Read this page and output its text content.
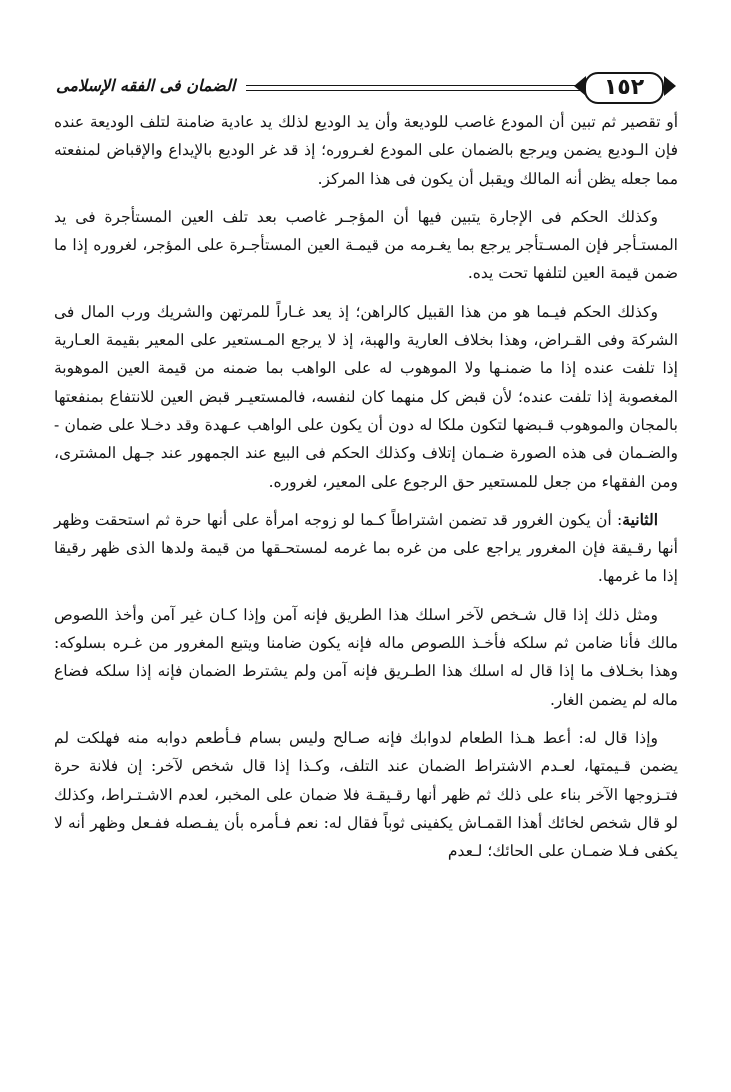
الضمان فى الفقه الإسلامى	١٥٢

أو تقصير ثم تبين أن المودع غاصب للوديعة وأن يد الوديع لذلك يد عادية ضامنة لتلف الوديعة عنده فإن الـوديع يضمن ويرجع بالضمان على المودع لغـروره؛ إذ قد غر الوديع بالإيداع والإقباض لمنفعته مما جعله يظن أنه المالك ويقبل أن يكون فى هذا المركز.

وكذلك الحكم فى الإجارة يتبين فيها أن المؤجـر غاصب بعد تلف العين المستأجرة فى يد المستـأجر فإن المسـتأجر يرجع بما يغـرمه من قيمـة العين المستأجـرة على المؤجر، لغروره إذا ما ضمن قيمة العين لتلفها تحت يده.

وكذلك الحكم فيـما هو من هذا القبيل كالراهن؛ إذ يعد غـاراً للمرتهن والشريك ورب المال فى الشركة وفى القـراض، وهذا بخلاف العارية والهبة، إذ لا يرجع المـستعير على المعير بقيمة العـارية إذا تلفت عنده إذا ما ضمنـها ولا الموهوب له على الواهب بما ضمنه من قيمة العين الموهوبة المغصوبة إذا تلفت عنده؛ لأن قبض كل منهما كان لنفسه، فالمستعيـر قبض العين للانتفاع بمنفعتها بالمجان والموهوب قـبضها لتكون ملكا له دون أن يكون على الواهب عـهدة وقد دخـلا على ضمان - والضـمان فى هذه الصورة ضـمان إتلاف وكذلك الحكم فى البيع عند الجمهور عند جـهل المشترى، ومن الفقهاء من جعل للمستعير حق الرجوع على المعير، لغروره.

الثانية: أن يكون الغرور قد تضمن اشتراطاً كـما لو زوجه امرأة على أنها حرة ثم استحقت وظهر أنها رقـيقة فإن المغرور يراجع على من غره بما غرمه لمستحـقها من قيمة ولدها الذى ظهر رقيقا إذا ما غرمها.

ومثل ذلك إذا قال شـخص لآخر اسلك هذا الطريق فإنه آمن وإذا كـان غير آمن وأخذ اللصوص مالك فأنا ضامن ثم سلكه فأخـذ اللصوص ماله فإنه يكون ضامنا ويتبع المغرور من غـره بسلوكه: وهذا بخـلاف ما إذا قال له اسلك هذا الطـريق فإنه آمن ولم يشترط الضمان فإنه إذا سلكه فضاع ماله لم يضمن الغار.

وإذا قال له: أعط هـذا الطعام لدوابك فإنه صـالح وليس بسام فـأطعم دوابه منه فهلكت لم يضمن قـيمتها، لعـدم الاشتراط الضمان عند التلف، وكـذا إذا قال شخص لآخر: إن فلانة حرة فتـزوجها الآخر بناء على ذلك ثم ظهر أنها رقـيقـة فلا ضمان على المخبر، لعدم الاشـتـراط، وكذلك لو قال شخص لخائك أهذا القمـاش يكفينى ثوباً فقال له: نعم فـأمره بأن يفـصله ففـعل وظهر أنه لا يكفى فـلا ضمـان على الحائك؛ لـعدم
